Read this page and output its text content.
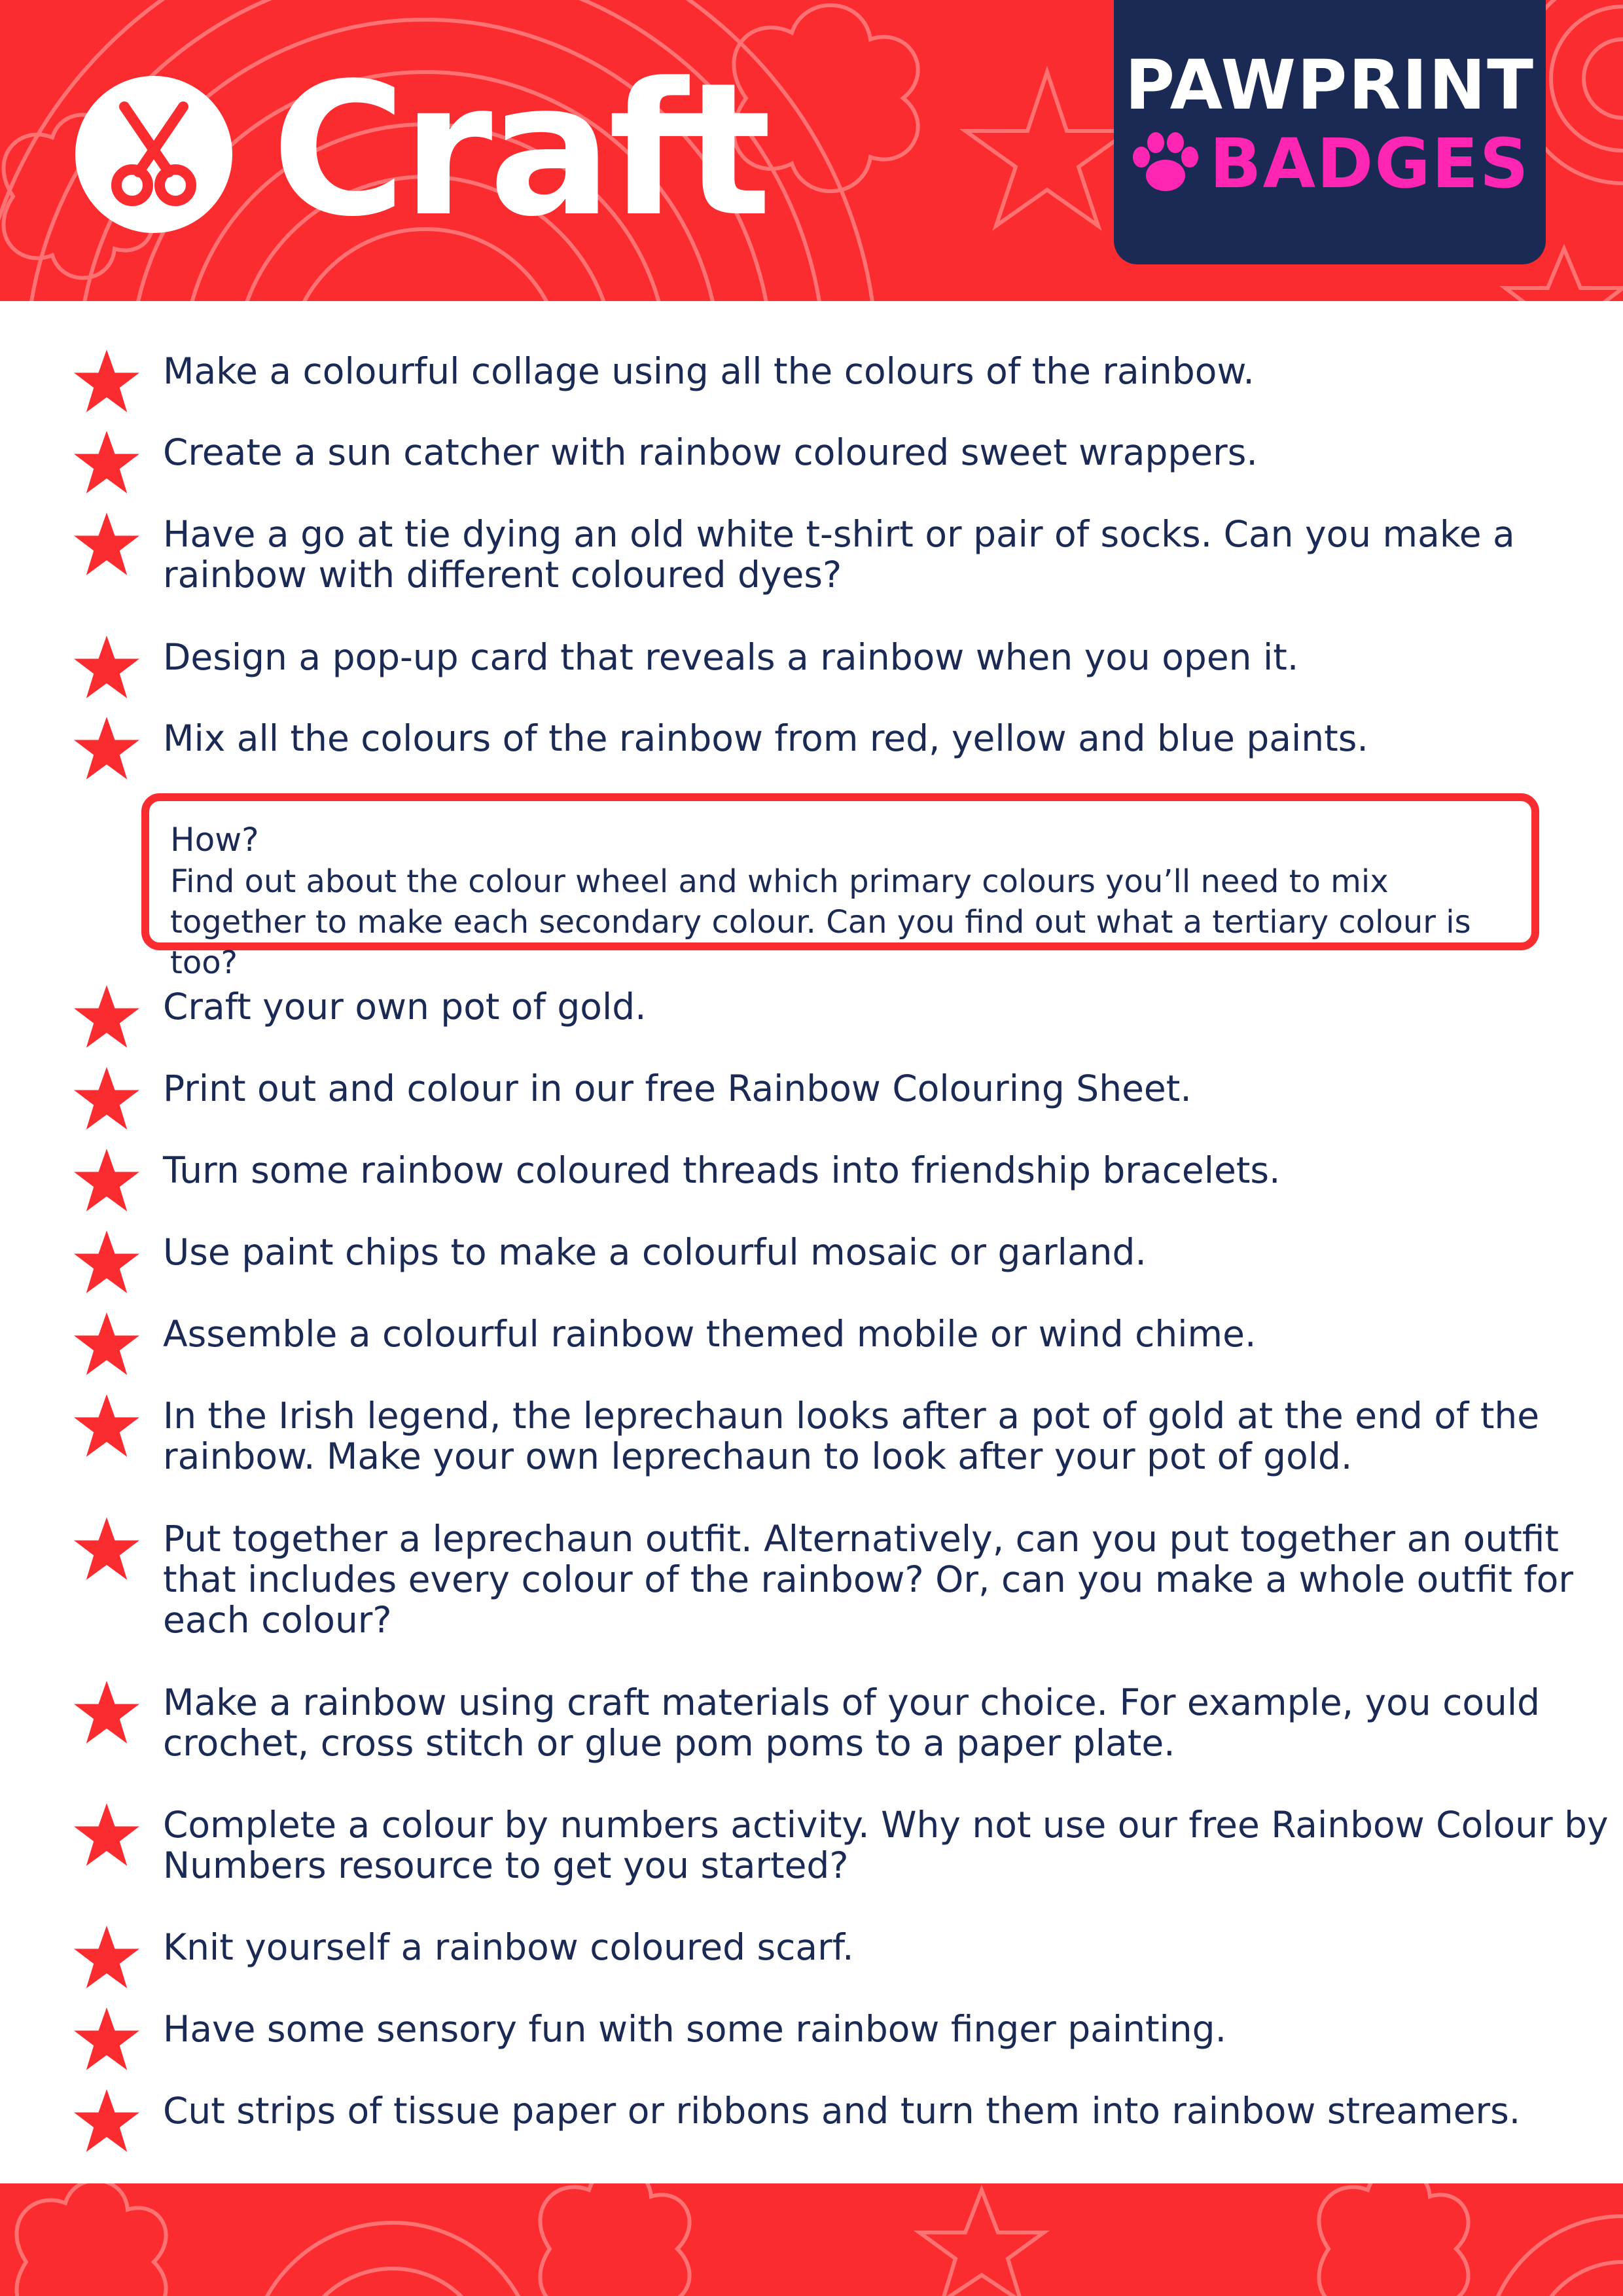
Craft	PAWPRINT
BADGES
Make a colourful collage using all the colours of the rainbow.
Create a sun catcher with rainbow coloured sweet wrappers.
Have a go at tie dying an old white t-shirt or pair of socks. Can you make a rainbow with different coloured dyes?
Design a pop-up card that reveals a rainbow when you open it.
Mix all the colours of the rainbow from red, yellow and blue paints.
How?
Find out about the colour wheel and which primary colours you’ll need to mix together to make each secondary colour. Can you find out what a tertiary colour is too?
Craft your own pot of gold.
Print out and colour in our free Rainbow Colouring Sheet.
Turn some rainbow coloured threads into friendship bracelets.
Use paint chips to make a colourful mosaic or garland.
Assemble a colourful rainbow themed mobile or wind chime.
In the Irish legend, the leprechaun looks after a pot of gold at the end of the rainbow. Make your own leprechaun to look after your pot of gold.
Put together a leprechaun outfit. Alternatively, can you put together an outfit that includes every colour of the rainbow? Or, can you make a whole outfit for each colour?
Make a rainbow using craft materials of your choice. For example, you could crochet, cross stitch or glue pom poms to a paper plate.
Complete a colour by numbers activity. Why not use our free Rainbow Colour by Numbers resource to get you started?
Knit yourself a rainbow coloured scarf.
Have some sensory fun with some rainbow finger painting.
Cut strips of tissue paper or ribbons and turn them into rainbow streamers.
